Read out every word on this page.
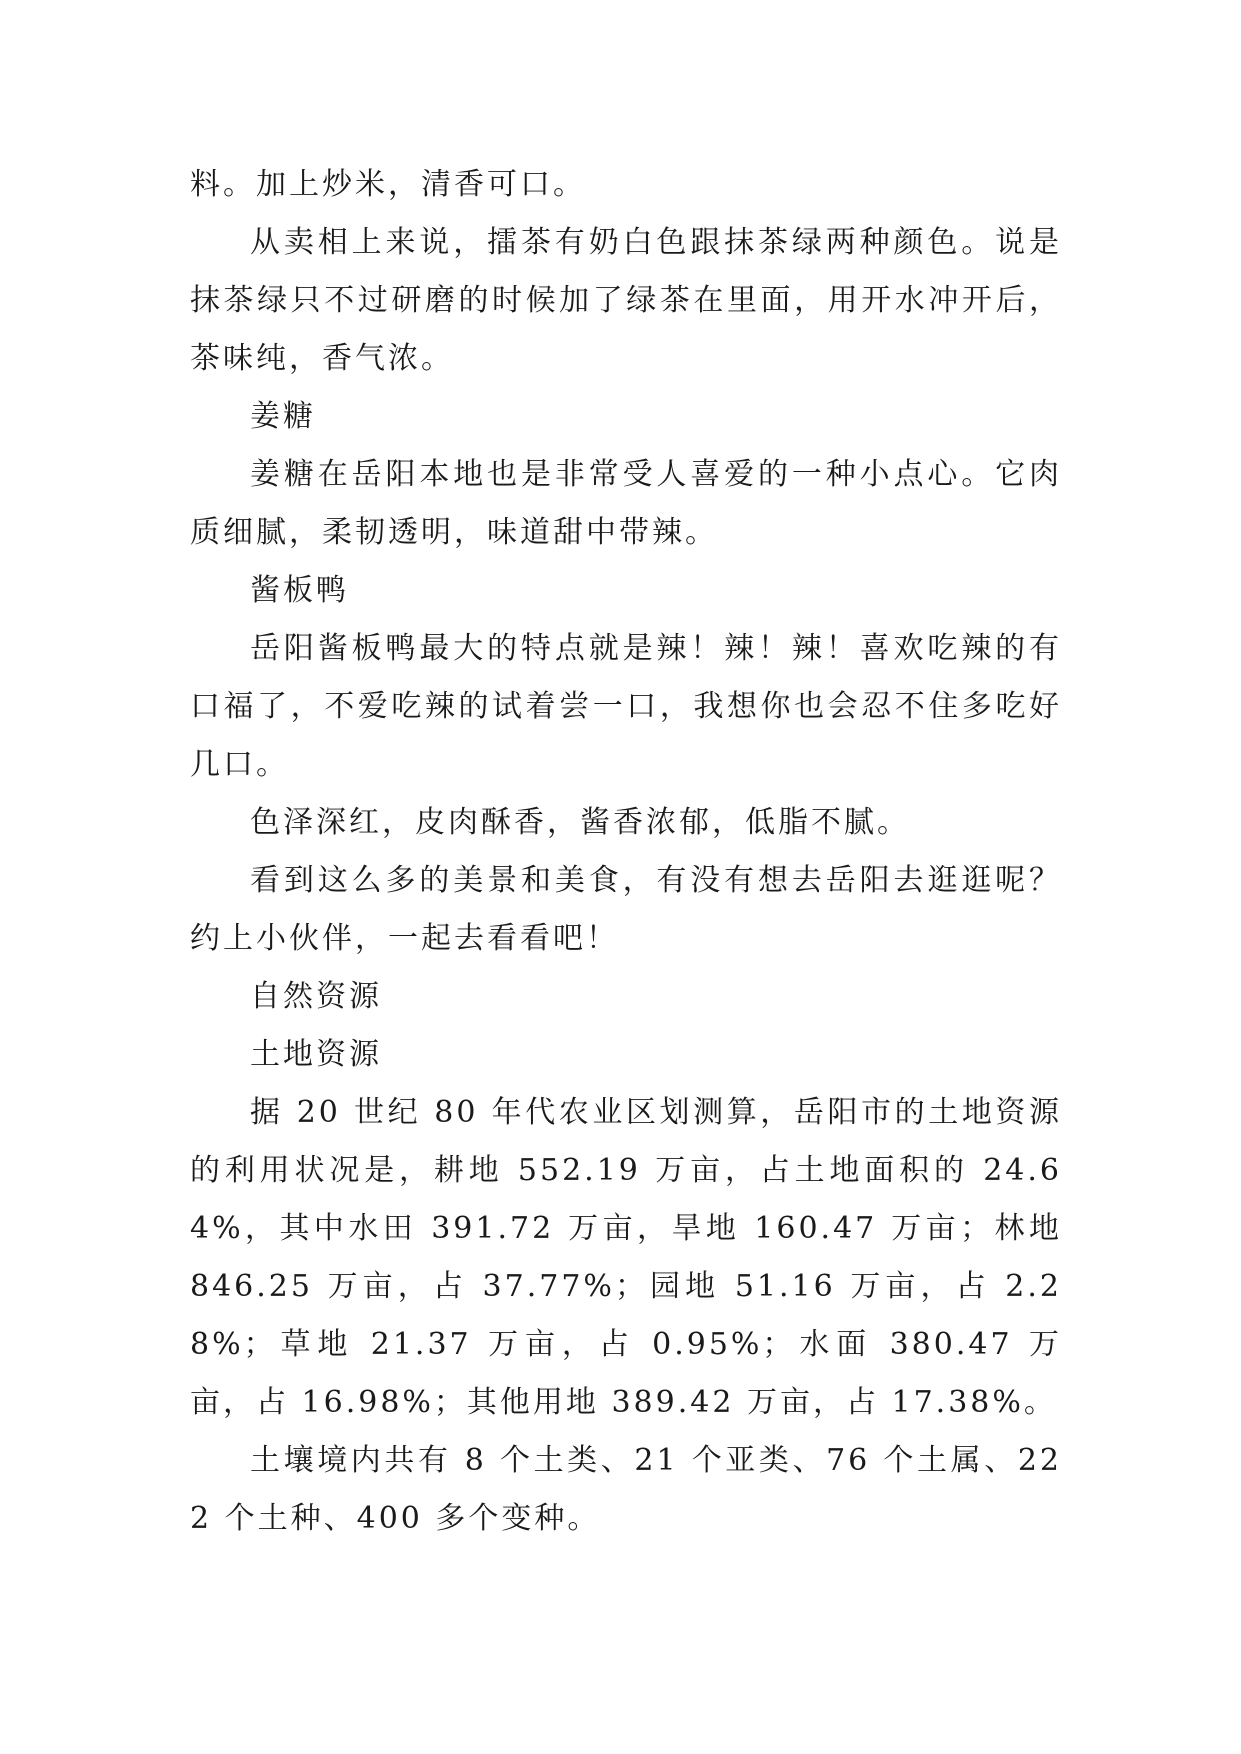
料。加上炒米，清香可口。

从卖相上来说，擂茶有奶白色跟抹茶绿两种颜色。说是抹茶绿只不过研磨的时候加了绿茶在里面，用开水冲开后，茶味纯，香气浓。

姜糖

姜糖在岳阳本地也是非常受人喜爱的一种小点心。它肉质细腻，柔韧透明，味道甜中带辣。

酱板鸭

岳阳酱板鸭最大的特点就是辣！辣！辣！喜欢吃辣的有口福了，不爱吃辣的试着尝一口，我想你也会忍不住多吃好几口。

色泽深红，皮肉酥香，酱香浓郁，低脂不腻。

看到这么多的美景和美食，有没有想去岳阳去逛逛呢？约上小伙伴，一起去看看吧！

自然资源

土地资源

据 20 世纪 80 年代农业区划测算，岳阳市的土地资源的利用状况是，耕地 552.19 万亩，占土地面积的 24.64%，其中水田 391.72 万亩，旱地 160.47 万亩；林地 846.25 万亩，占 37.77%；园地 51.16 万亩，占 2.28%；草地 21.37 万亩，占 0.95%；水面 380.47 万亩，占 16.98%；其他用地 389.42 万亩，占 17.38%。

土壤境内共有 8 个土类、21 个亚类、76 个土属、222 个土种、400 多个变种。
